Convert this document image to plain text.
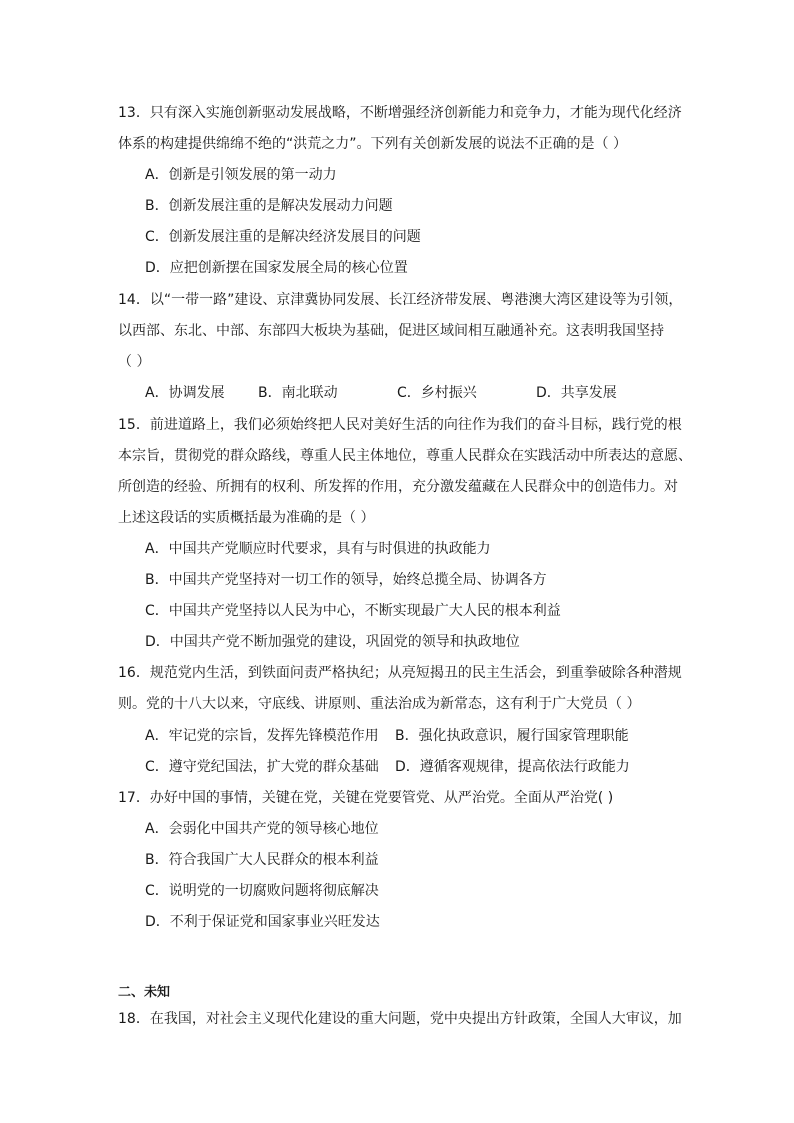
13．只有深入实施创新驱动发展战略，不断增强经济创新能力和竞争力，才能为现代化经济
体系的构建提供绵绵不绝的“洪荒之力”。下列有关创新发展的说法不正确的是（ ）
A．创新是引领发展的第一动力
B．创新发展注重的是解决发展动力问题
C．创新发展注重的是解决经济发展目的问题
D．应把创新摆在国家发展全局的核心位置
14．以“一带一路”建设、京津冀协同发展、长江经济带发展、粤港澳大湾区建设等为引领，
以西部、东北、中部、东部四大板块为基础，促进区域间相互融通补充。这表明我国坚持
（ ）
A．协调发展 B．南北联动	C．乡村振兴	D．共享发展
15．前进道路上，我们必须始终把人民对美好生活的向往作为我们的奋斗目标，践行党的根
本宗旨，贯彻党的群众路线，尊重人民主体地位，尊重人民群众在实践活动中所表达的意愿、
所创造的经验、所拥有的权利、所发挥的作用，充分激发蕴藏在人民群众中的创造伟力。对
上述这段话的实质概括最为准确的是（ ）
A．中国共产党顺应时代要求，具有与时俱进的执政能力
B．中国共产党坚持对一切工作的领导，始终总揽全局、协调各方
C．中国共产党坚持以人民为中心，不断实现最广大人民的根本利益
D．中国共产党不断加强党的建设，巩固党的领导和执政地位
16．规范党内生活，到铁面问责严格执纪；从亮短揭丑的民主生活会，到重拳破除各种潜规
则。党的十八大以来，守底线、讲原则、重法治成为新常态，这有利于广大党员（ ）
A．牢记党的宗旨，发挥先锋模范作用 B．强化执政意识，履行国家管理职能
C．遵守党纪国法，扩大党的群众基础 D．遵循客观规律，提高依法行政能力
17．办好中国的事情，关键在党，关键在党要管党、从严治党。全面从严治党( )
A．会弱化中国共产党的领导核心地位
B．符合我国广大人民群众的根本利益
C．说明党的一切腐败问题将彻底解决
D．不利于保证党和国家事业兴旺发达
二、未知
18．在我国，对社会主义现代化建设的重大问题，党中央提出方针政策，全国人大审议，加
